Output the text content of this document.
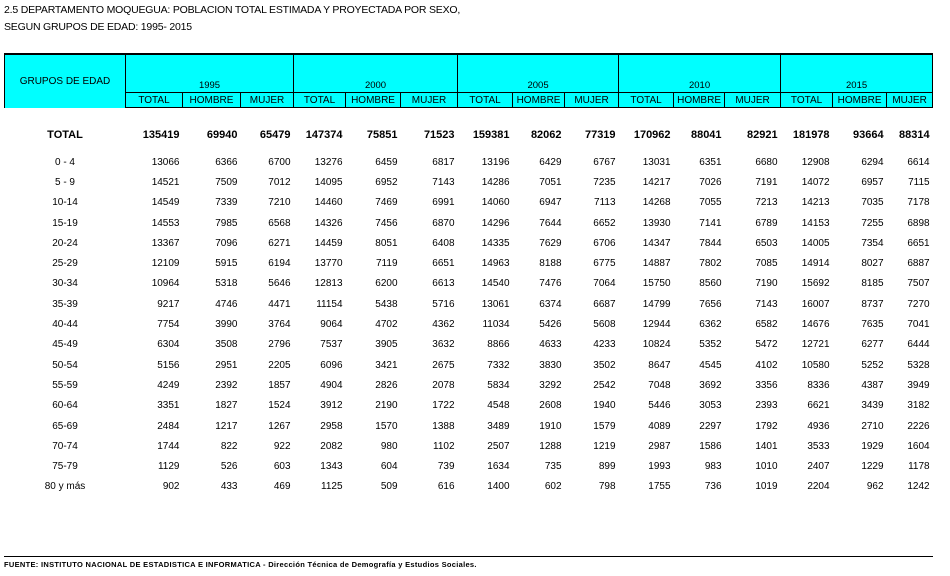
2.5 DEPARTAMENTO MOQUEGUA: POBLACION TOTAL ESTIMADA Y PROYECTADA POR SEXO,
SEGUN GRUPOS DE EDAD: 1995- 2015
GRUPOS DE EDAD	1995			2000			2005			2010			2015		
	TOTAL	HOMBRE	MUJER	TOTAL	HOMBRE	MUJER	TOTAL	HOMBRE	MUJER	TOTAL	HOMBRE	MUJER	TOTAL	HOMBRE	MUJER

TOTAL	135419	69940	65479	147374	75851	71523	159381	82062	77319	170962	88041	82921	181978	93664	88314

0 - 4	13066	6366	6700	13276	6459	6817	13196	6429	6767	13031	6351	6680	12908	6294	6614
5 - 9	14521	7509	7012	14095	6952	7143	14286	7051	7235	14217	7026	7191	14072	6957	7115
10-14	14549	7339	7210	14460	7469	6991	14060	6947	7113	14268	7055	7213	14213	7035	7178
15-19	14553	7985	6568	14326	7456	6870	14296	7644	6652	13930	7141	6789	14153	7255	6898
20-24	13367	7096	6271	14459	8051	6408	14335	7629	6706	14347	7844	6503	14005	7354	6651
25-29	12109	5915	6194	13770	7119	6651	14963	8188	6775	14887	7802	7085	14914	8027	6887
30-34	10964	5318	5646	12813	6200	6613	14540	7476	7064	15750	8560	7190	15692	8185	7507
35-39	9217	4746	4471	11154	5438	5716	13061	6374	6687	14799	7656	7143	16007	8737	7270
40-44	7754	3990	3764	9064	4702	4362	11034	5426	5608	12944	6362	6582	14676	7635	7041
45-49	6304	3508	2796	7537	3905	3632	8866	4633	4233	10824	5352	5472	12721	6277	6444
50-54	5156	2951	2205	6096	3421	2675	7332	3830	3502	8647	4545	4102	10580	5252	5328
55-59	4249	2392	1857	4904	2826	2078	5834	3292	2542	7048	3692	3356	8336	4387	3949
60-64	3351	1827	1524	3912	2190	1722	4548	2608	1940	5446	3053	2393	6621	3439	3182
65-69	2484	1217	1267	2958	1570	1388	3489	1910	1579	4089	2297	1792	4936	2710	2226
70-74	1744	822	922	2082	980	1102	2507	1288	1219	2987	1586	1401	3533	1929	1604
75-79	1129	526	603	1343	604	739	1634	735	899	1993	983	1010	2407	1229	1178
80 y más	902	433	469	1125	509	616	1400	602	798	1755	736	1019	2204	962	1242
FUENTE: INSTITUTO NACIONAL DE ESTADISTICA E INFORMATICA - Dirección Técnica de Demografía y Estudios Sociales.
